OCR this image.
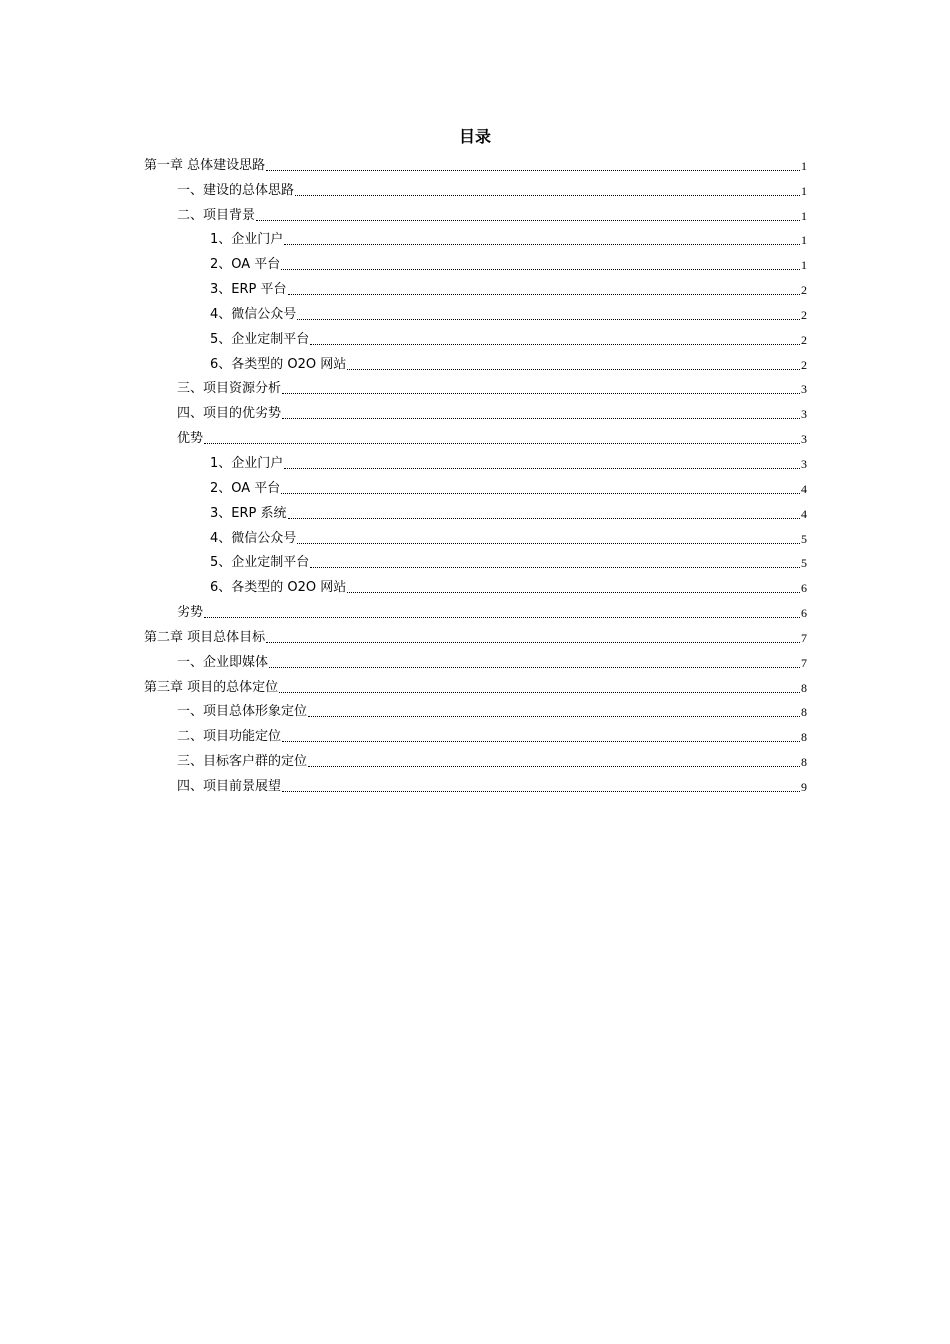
目录
第一章 总体建设思路	1
一、建设的总体思路	1
二、项目背景	1
1、企业门户	1
2、OA 平台	1
3、ERP 平台	2
4、微信公众号	2
5、企业定制平台	2
6、各类型的 O2O 网站	2
三、项目资源分析	3
四、项目的优劣势	3
优势	3
1、企业门户	3
2、OA 平台	4
3、ERP 系统	4
4、微信公众号	5
5、企业定制平台	5
6、各类型的 O2O 网站	6
劣势	6
第二章 项目总体目标	7
一、企业即媒体	7
第三章 项目的总体定位	8
一、项目总体形象定位	8
二、项目功能定位	8
三、目标客户群的定位	8
四、项目前景展望	9
